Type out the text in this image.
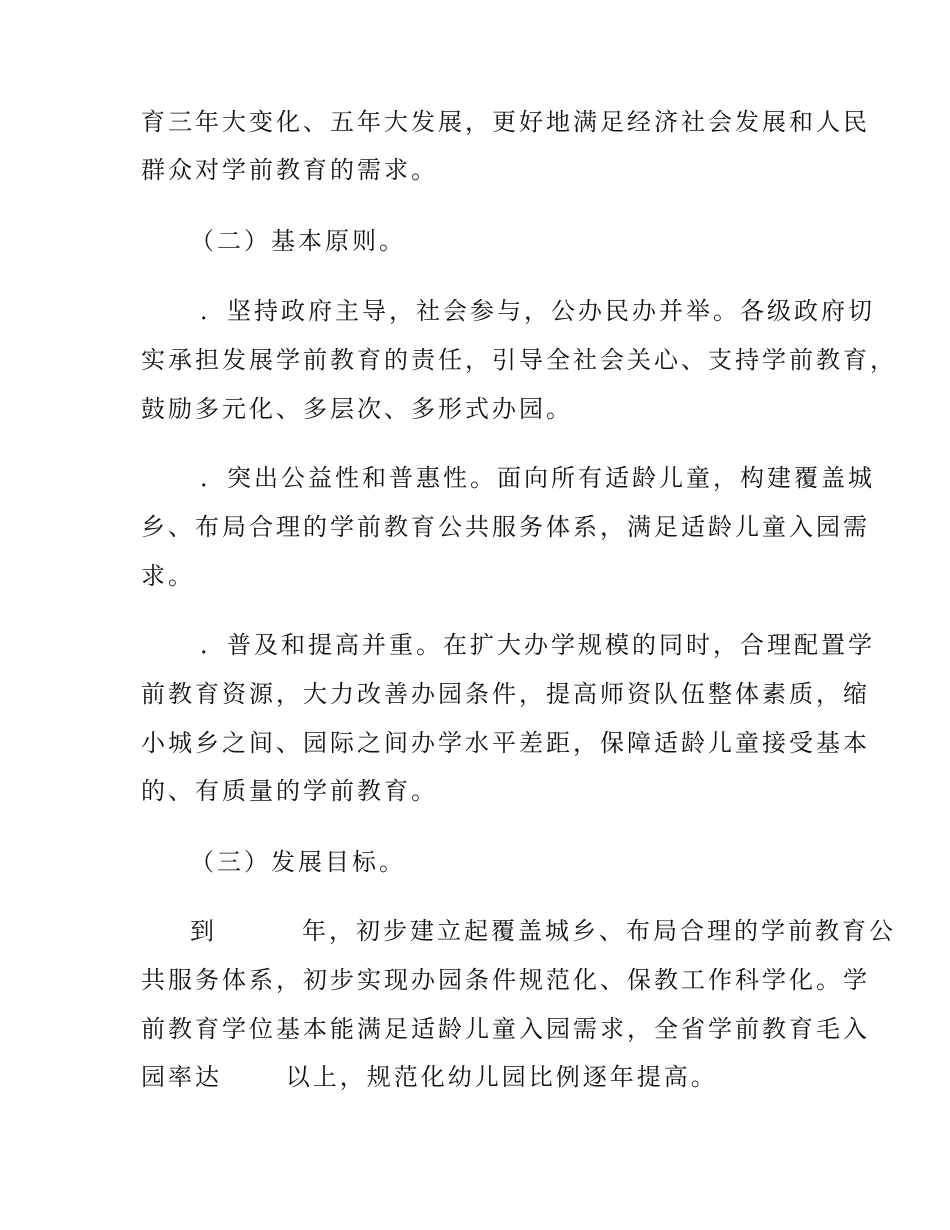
育三年大变化、五年大发展，更好地满足经济社会发展和人民
群众对学前教育的需求。
（二）基本原则。
．坚持政府主导，社会参与，公办民办并举。各级政府切
实承担发展学前教育的责任，引导全社会关心、支持学前教育，
鼓励多元化、多层次、多形式办园。
．突出公益性和普惠性。面向所有适龄儿童，构建覆盖城
乡、布局合理的学前教育公共服务体系，满足适龄儿童入园需
求。
．普及和提高并重。在扩大办学规模的同时，合理配置学
前教育资源，大力改善办园条件，提高师资队伍整体素质，缩
小城乡之间、园际之间办学水平差距，保障适龄儿童接受基本
的、有质量的学前教育。
（三）发展目标。
到        年，初步建立起覆盖城乡、布局合理的学前教育公
共服务体系，初步实现办园条件规范化、保教工作科学化。学
前教育学位基本能满足适龄儿童入园需求，全省学前教育毛入
园率达      以上，规范化幼儿园比例逐年提高。
